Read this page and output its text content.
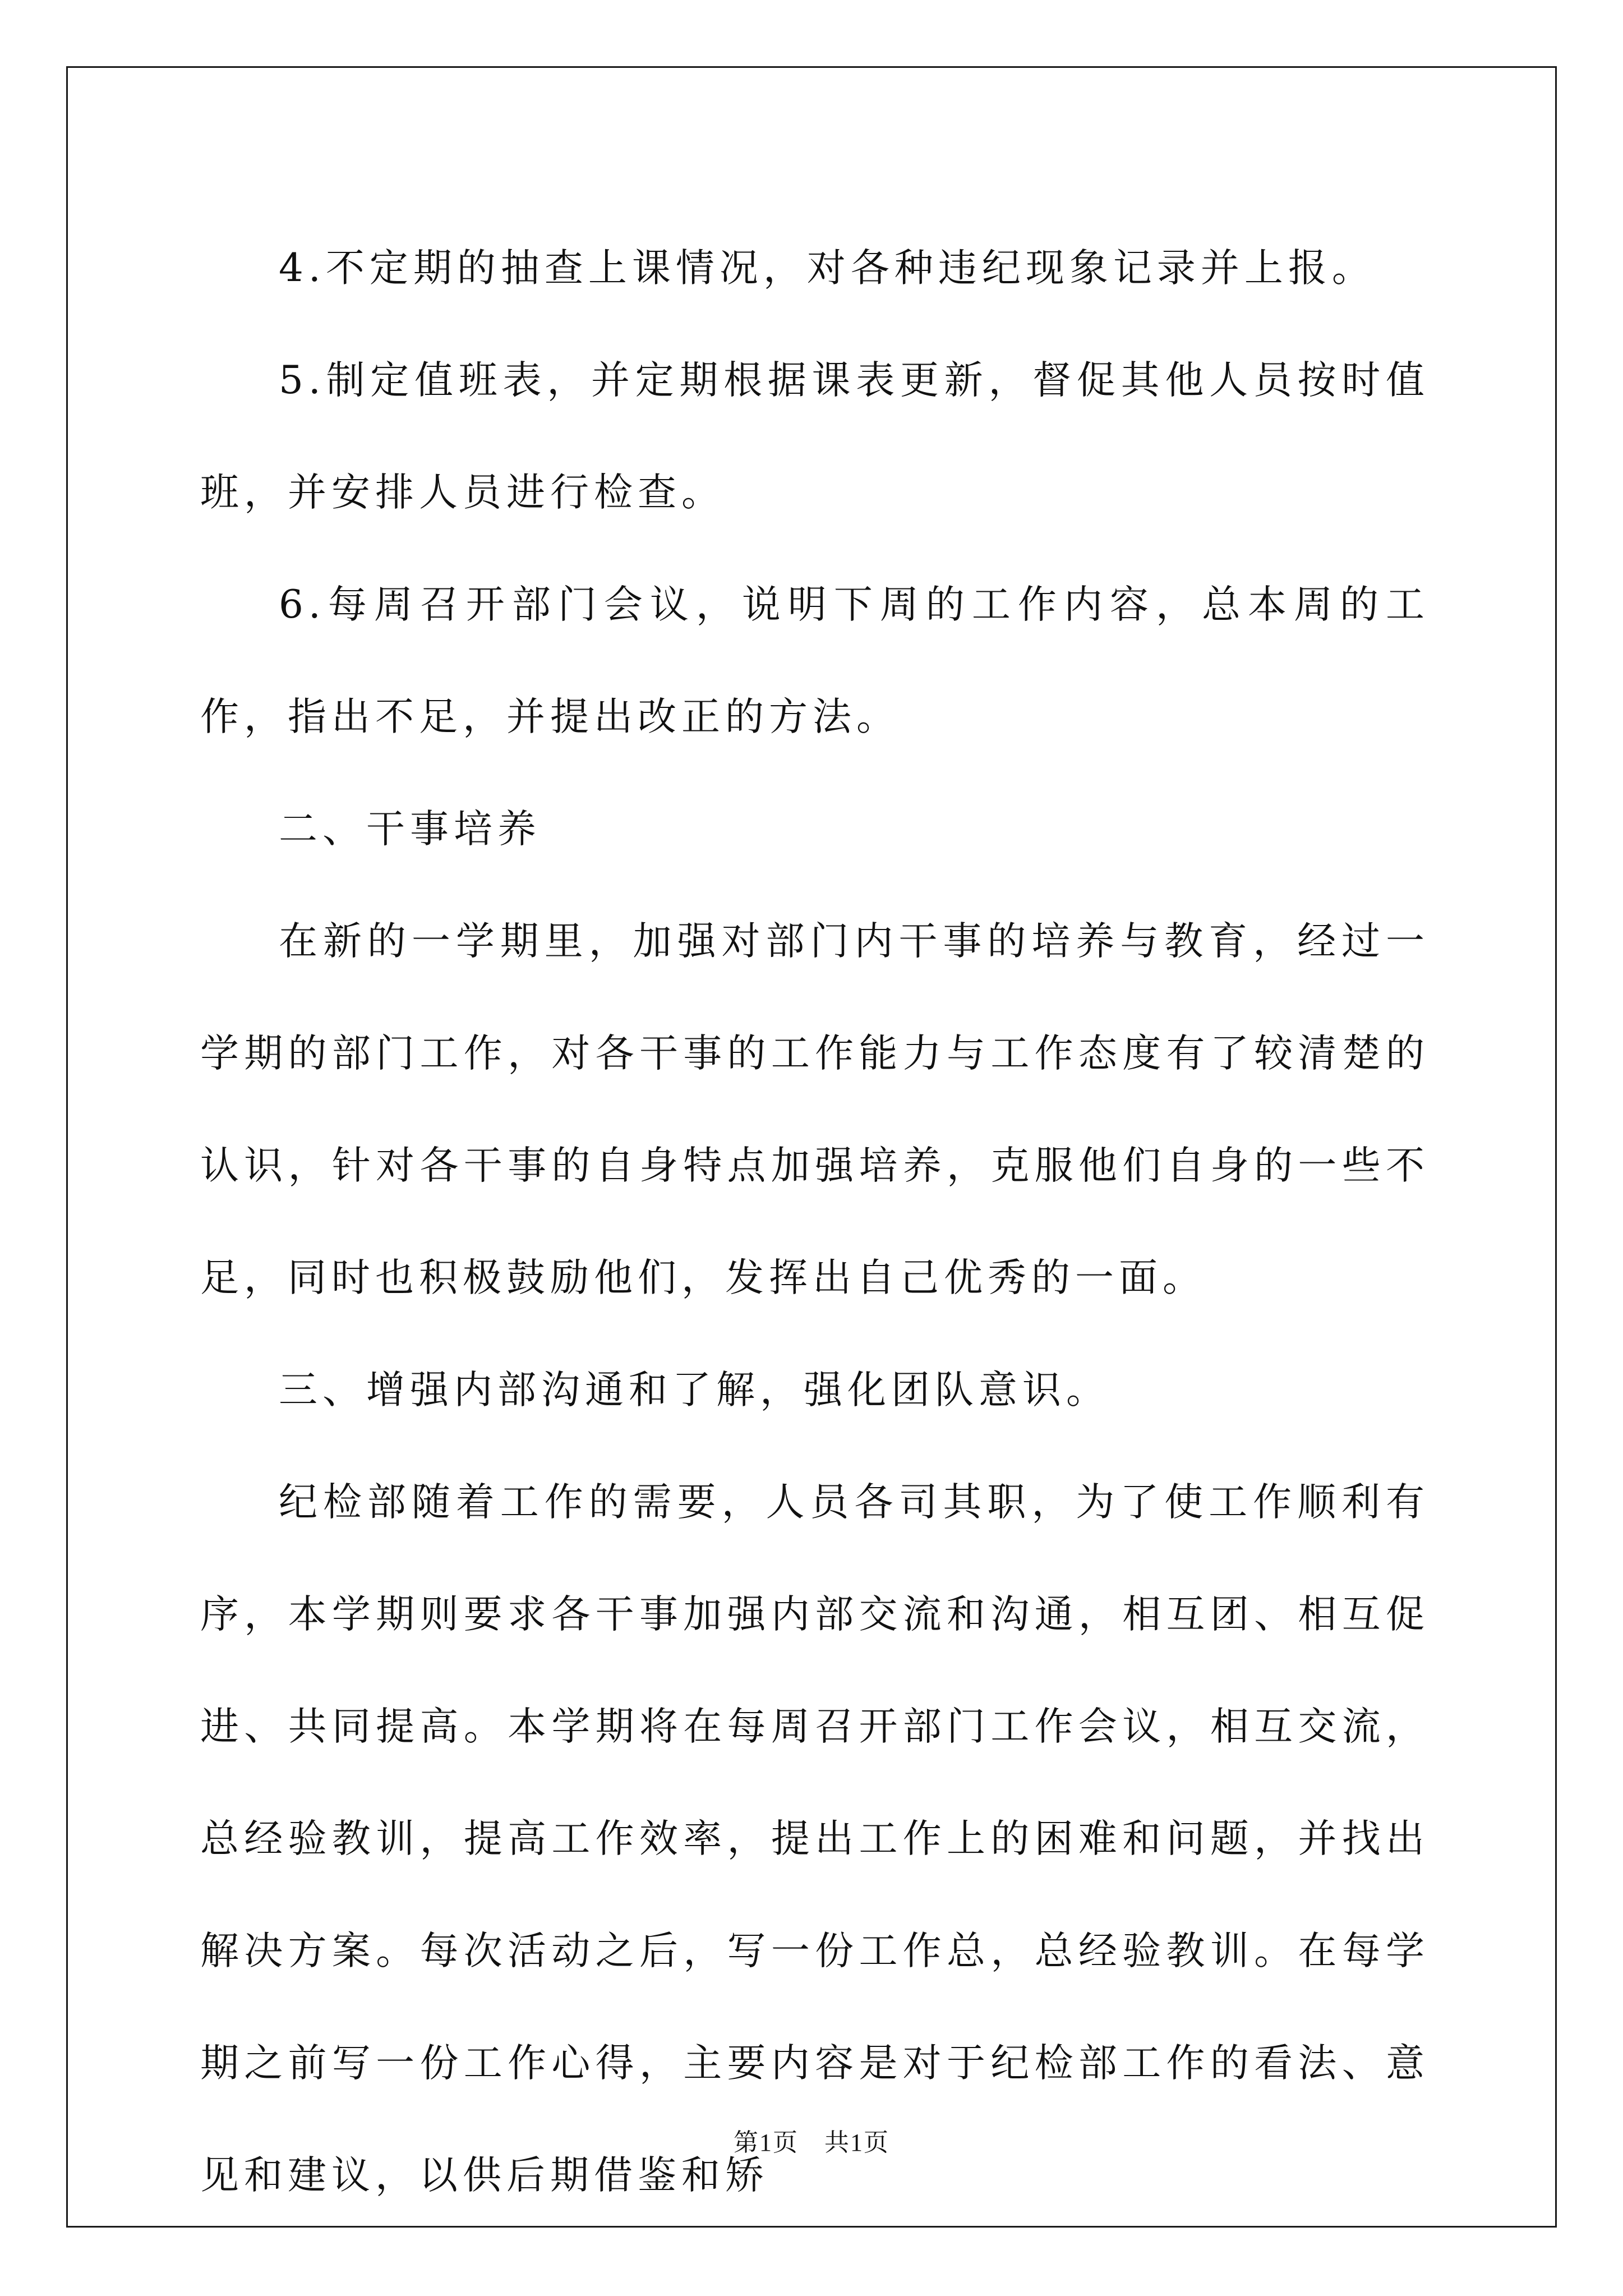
4.不定期的抽查上课情况，对各种违纪现象记录并上报。

5.制定值班表，并定期根据课表更新，督促其他人员按时值班，并安排人员进行检查。

6.每周召开部门会议，说明下周的工作内容，总本周的工作，指出不足，并提出改正的方法。

二、干事培养

在新的一学期里，加强对部门内干事的培养与教育，经过一学期的部门工作，对各干事的工作能力与工作态度有了较清楚的认识，针对各干事的自身特点加强培养，克服他们自身的一些不足，同时也积极鼓励他们，发挥出自己优秀的一面。

三、增强内部沟通和了解，强化团队意识。

纪检部随着工作的需要，人员各司其职，为了使工作顺利有序，本学期则要求各干事加强内部交流和沟通，相互团、相互促进、共同提高。本学期将在每周召开部门工作会议，相互交流，总经验教训，提高工作效率，提出工作上的困难和问题，并找出解决方案。每次活动之后，写一份工作总，总经验教训。在每学期之前写一份工作心得，主要内容是对于纪检部工作的看法、意见和建议，以供后期借鉴和矫

第1页　共1页
